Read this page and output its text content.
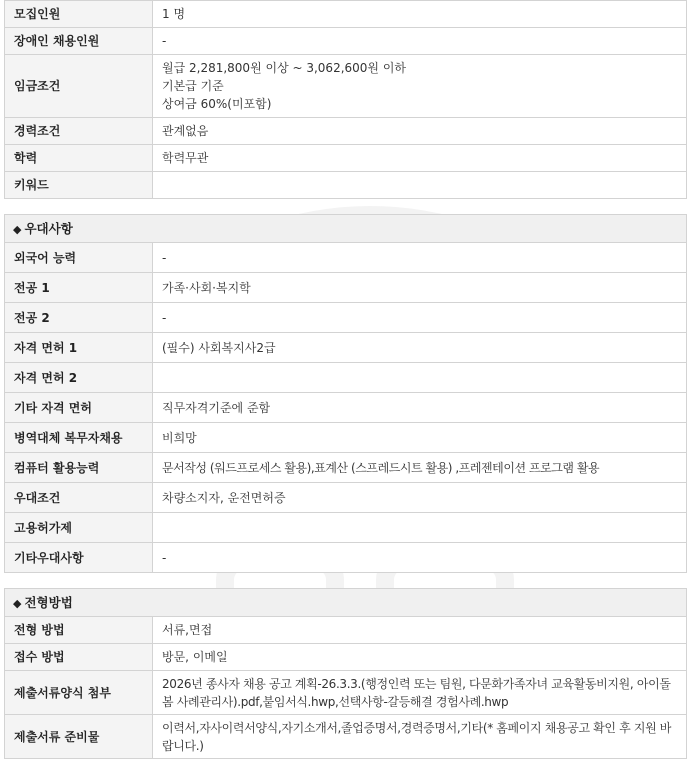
모집인원	1 명
장애인 채용인원	-
임금조건	월급 2,281,800원 이상 ~ 3,062,600원 이하
기본급 기준
상여금 60%(미포함)

경력조건	관계없음
학력	학력무관
키워드	
◆ 우대사항
외국어 능력	-
전공 1	가족·사회·복지학
전공 2	-
자격 면허 1	(필수) 사회복지사2급
자격 면허 2	
기타 자격 면허	직무자격기준에 준함
병역대체 복무자채용	비희망
컴퓨터 활용능력	문서작성 (워드프로세스 활용),표계산 (스프레드시트 활용) ,프레젠테이션 프로그램 활용
우대조건	차량소지자, 운전면허증
고용허가제	
기타우대사항	-
◆ 전형방법
전형 방법	서류,면접
접수 방법	방문, 이메일
제출서류양식 첨부	2026년 종사자 채용 공고 계획-26.3.3.(행정인력 또는 팀원, 다문화가족자녀 교육활동비지원, 아이돌봄 사례관리사).pdf,붙임서식.hwp,선택사항-갈등해결 경험사례.hwp
제출서류 준비물	이력서,자사이력서양식,자기소개서,졸업증명서,경력증명서,기타(* 홈페이지 채용공고 확인 후 지원 바랍니다.)
